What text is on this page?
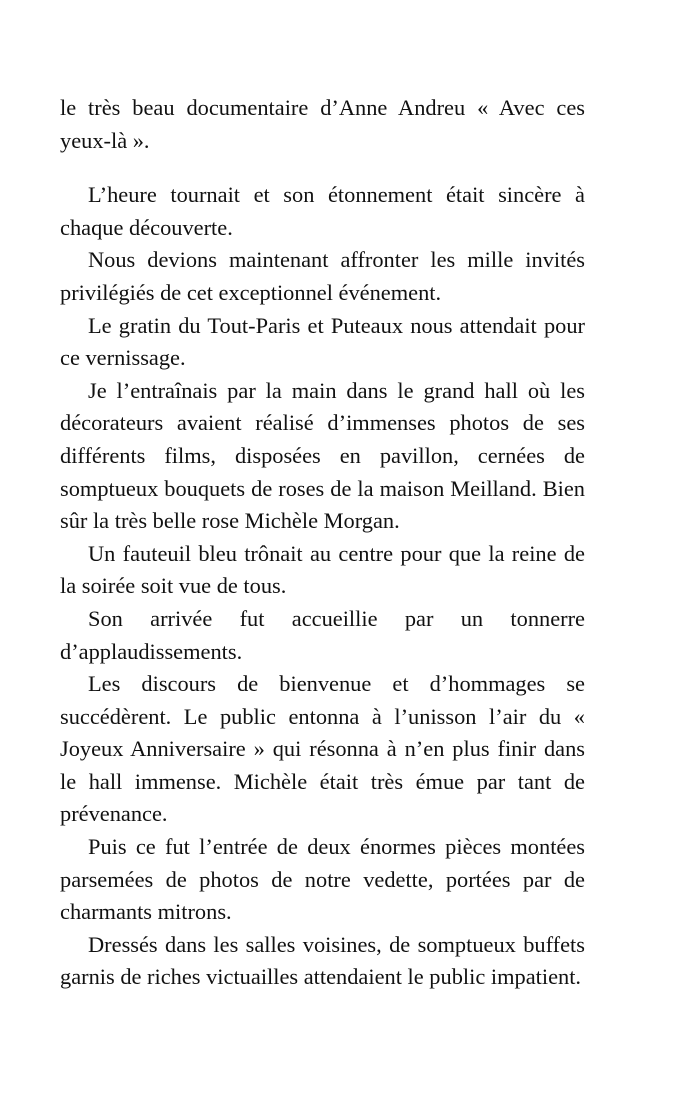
le très beau documentaire d’Anne Andreu « Avec ces yeux-là ».

L’heure tournait et son étonnement était sincère à chaque découverte.

Nous devions maintenant affronter les mille invités privilégiés de cet exceptionnel événement.

Le gratin du Tout-Paris et Puteaux nous attendait pour ce vernissage.

Je l’entraînais par la main dans le grand hall où les décorateurs avaient réalisé d’immenses photos de ses différents films, disposées en pavillon, cernées de somptueux bouquets de roses de la maison Meilland. Bien sûr la très belle rose Michèle Morgan.

Un fauteuil bleu trônait au centre pour que la reine de la soirée soit vue de tous.

Son arrivée fut accueillie par un tonnerre d’applaudissements.

Les discours de bienvenue et d’hommages se succédèrent. Le public entonna à l’unisson l’air du « Joyeux Anniversaire » qui résonna à n’en plus finir dans le hall immense. Michèle était très émue par tant de prévenance.

Puis ce fut l’entrée de deux énormes pièces montées parsemées de photos de notre vedette, portées par de charmants mitrons.

Dressés dans les salles voisines, de somptueux buffets garnis de riches victuailles attendaient le public impatient.
